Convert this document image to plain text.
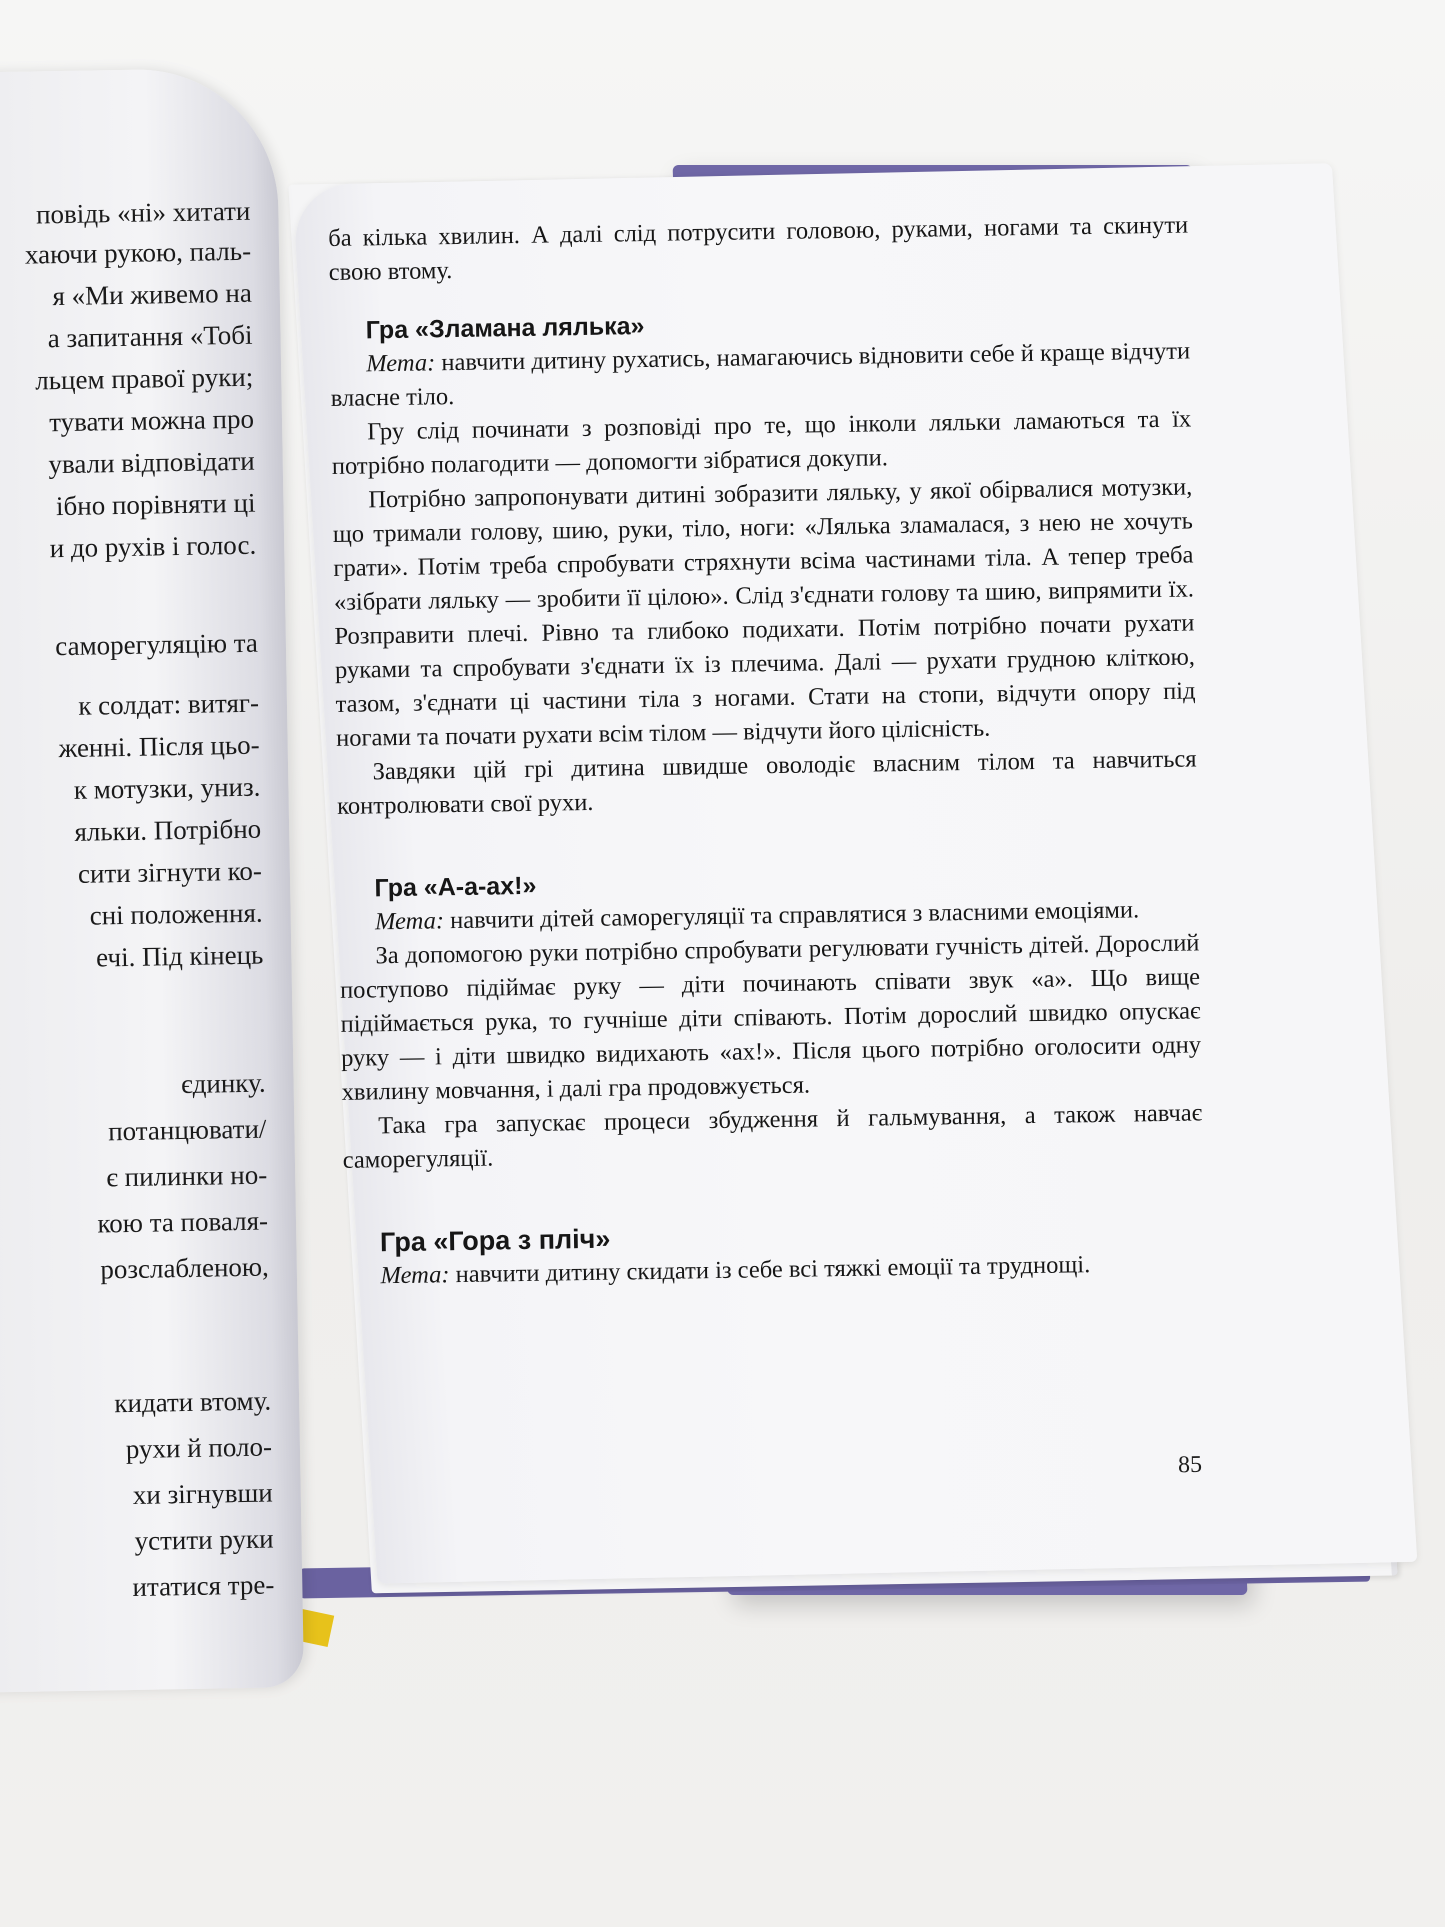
повідь «ні» хитати
хаючи рукою, паль-
я «Ми живемо на
а запитання «Тобі
льцем правої руки;
тувати можна про
ували відповідати
ібно порівняти ці
и до рухів і голос.
саморегуляцію та
к солдат: витяг-
женні. Після цьо-
к мотузки, униз.
яльки. Потрібно
сити зігнути ко-
сні положення.
ечі. Під кінець
єдинку.
потанцювати/
є пилинки но-
кою та поваля-
розслабленою,
кидати втому.
рухи й поло-
хи зігнувши
устити руки
итатися тре-

ба кілька хвилин. А далі слід потрусити головою, руками, ногами та скинути свою втому.

Гра «Зламана лялька»

Мета: навчити дитину рухатись, намагаючись відновити себе й краще відчути власне тіло.

Гру слід починати з розповіді про те, що інколи ляльки ламаються та їх потрібно полагодити — допомогти зібратися докупи.

Потрібно запропонувати дитині зобразити ляльку, у якої обірвалися мотузки, що тримали голову, шию, руки, тіло, ноги: «Лялька зламалася, з нею не хочуть грати». Потім треба спробувати стряхнути всіма частинами тіла. А тепер треба «зібрати ляльку — зробити її цілою». Слід з'єднати голову та шию, випрямити їх. Розправити плечі. Рівно та глибоко подихати. Потім потрібно почати рухати руками та спробувати з'єднати їх із плечима. Далі — рухати грудною кліткою, тазом, з'єднати ці частини тіла з ногами. Стати на стопи, відчути опору під ногами та почати рухати всім тілом — відчути його цілісність.

Завдяки цій грі дитина швидше оволодіє власним тілом та навчиться контролювати свої рухи.

Гра «А-а-ах!»

Мета: навчити дітей саморегуляції та справлятися з власними емоціями.

За допомогою руки потрібно спробувати регулювати гучність дітей. Дорослий поступово підіймає руку — діти починають співати звук «а». Що вище підіймається рука, то гучніше діти співають. Потім дорослий швидко опускає руку — і діти швидко видихають «ах!». Після цього потрібно оголосити одну хвилину мовчання, і далі гра продовжується.

Така гра запускає процеси збудження й гальмування, а також навчає саморегуляції.

Гра «Гора з пліч»

Мета: навчити дитину скидати із себе всі тяжкі емоції та труднощі.

85
